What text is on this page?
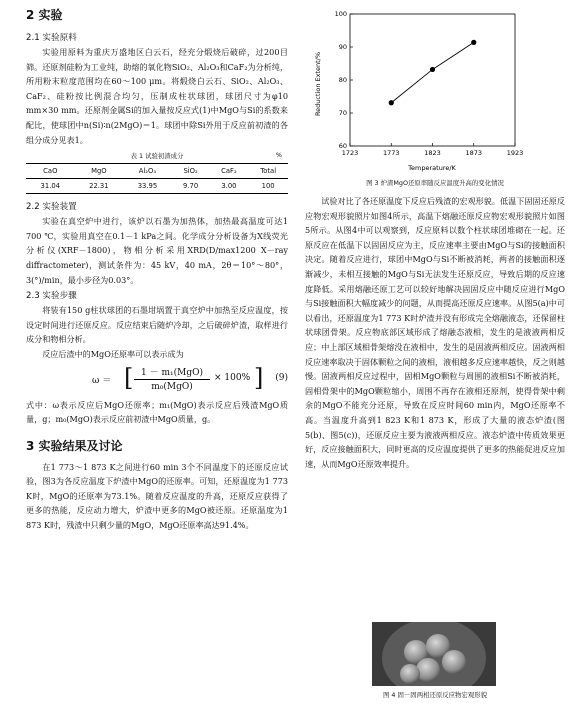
2 实验

2.1 实验原料

实验用原料为重庆万盛地区白云石，经充分煅烧后破碎，过200目筛。还原剂硅粉为工业纯，助熔的氧化物SiO₂、Al₂O₃和CaF₂为分析纯，所用粉末粒度范围均在60～100 μm。将煅烧白云石、SiO₂、Al₂O₃、CaF₂、硅粉按比例混合均匀，压制成柱状球团，球团尺寸为φ10 mm×30 mm。还原剂金属Si的加入量按反应式(1)中MgO与Si的系数来配比，使球团中n(Si)∶n(2MgO)＝1。球团中除Si外用于反应前初渣的各组分成分见表1。

表 1 试验初渣成分	%
CaO	MgO	Al₂O₃	SiO₂	CaF₂	Total
31.04	22.31	33.95	9.70	3.00	100

2.2 实验装置

实验在真空炉中进行，该炉以石墨为加热体，加热最高温度可达1 700 ℃，实验用真空在0.1－1 kPa之间。化学成分分析设备为X线荧光分析仪(XRF－1800)，物相分析采用XRD(D/max1200 X－ray diffractometer)，测试条件为：45 kV，40 mA，2θ＝10°～80°，3(°)/min，最小步径为0.03°。

2.3 实验步骤

将装有150 g柱状球团的石墨坩埚置于真空炉中加热至反应温度，按设定时间进行还原反应。反应结束后随炉冷却，之后破碎炉渣，取样进行成分和物相分析。

反应后渣中的MgO还原率可以表示成为

ω ＝ [ 1 － m₁(MgO)
m₀(MgO)
× 100% ] (9)

式中：ω表示反应后MgO还原率；m₁(MgO)表示反应后残渣MgO质量，g；m₀(MgO)表示反应前初渣中MgO质量，g。

3 实验结果及讨论

在1 773～1 873 K之间进行60 min 3个不同温度下的还原反应试验，图3为各反应温度下炉渣中MgO的还原率。可知，还原温度为1 773 K时，MgO的还原率为73.1%。随着反应温度的升高，还原反应获得了更多的热能，反应动力增大，炉渣中更多的MgO被还原。还原温度为1 873 K时，残渣中只剩少量的MgO，MgO还原率高达91.4%。

Reduction Extent/%
Temperature/K
1723	1773	1823	1873	1923
60
70
80
90
100

图 3 炉渣MgO还原率随反应温度升高的变化情况

试验对比了各还原温度下反应后残渣的宏观形貌。低温下固固还原反应物宏观形貌照片如图4所示，高温下熔融还原反应物宏观形貌照片如图5所示。从图4中可以观察到，反应原料以数个柱状球团堆砌在一起。还原反应在低温下以固固反应为主，反应速率主要由MgO与Si的接触面积决定。随着反应进行，球团中MgO与Si不断被消耗，两者的接触面积逐渐减少，未相互接触的MgO与Si无法发生还原反应，导致后期的反应速度降低。采用熔融还原工艺可以较好地解决固固反应中随反应进行MgO与Si接触面积大幅度减少的问题，从而提高还原反应速率。从图5(a)中可以看出，还原温度为1 773 K时炉渣并没有形成完全熔融液态，还保留柱状球团骨架。反应物底部区域形成了熔融态液相，发生的是液液两相反应；中上部区域相骨架熔没在液相中，发生的是固液两相反应。固液两相反应速率取决于固体颗粒之间的液相，液相越多反应速率越快，反之则越慢。固液两相反应过程中，固相MgO颗粒与周围的液相Si不断被消耗，固相骨架中的MgO颗粒缩小，周围不再存在液相还原剂，使得骨架中剩余的MgO不能充分还原，导致在反应时间60 min内，MgO还原率不高。当温度升高到1 823 K和1 873 K，形成了大量的液态炉渣(图5(b)、图5(c))，还原反应主要为液液两相反应。液态炉渣中传质效果更好，反应接触面积大，同时更高的反应温度提供了更多的热能促进反应加速，从而MgO还原效率提升。

图 4 固－固两相还原反应物宏观形貌
